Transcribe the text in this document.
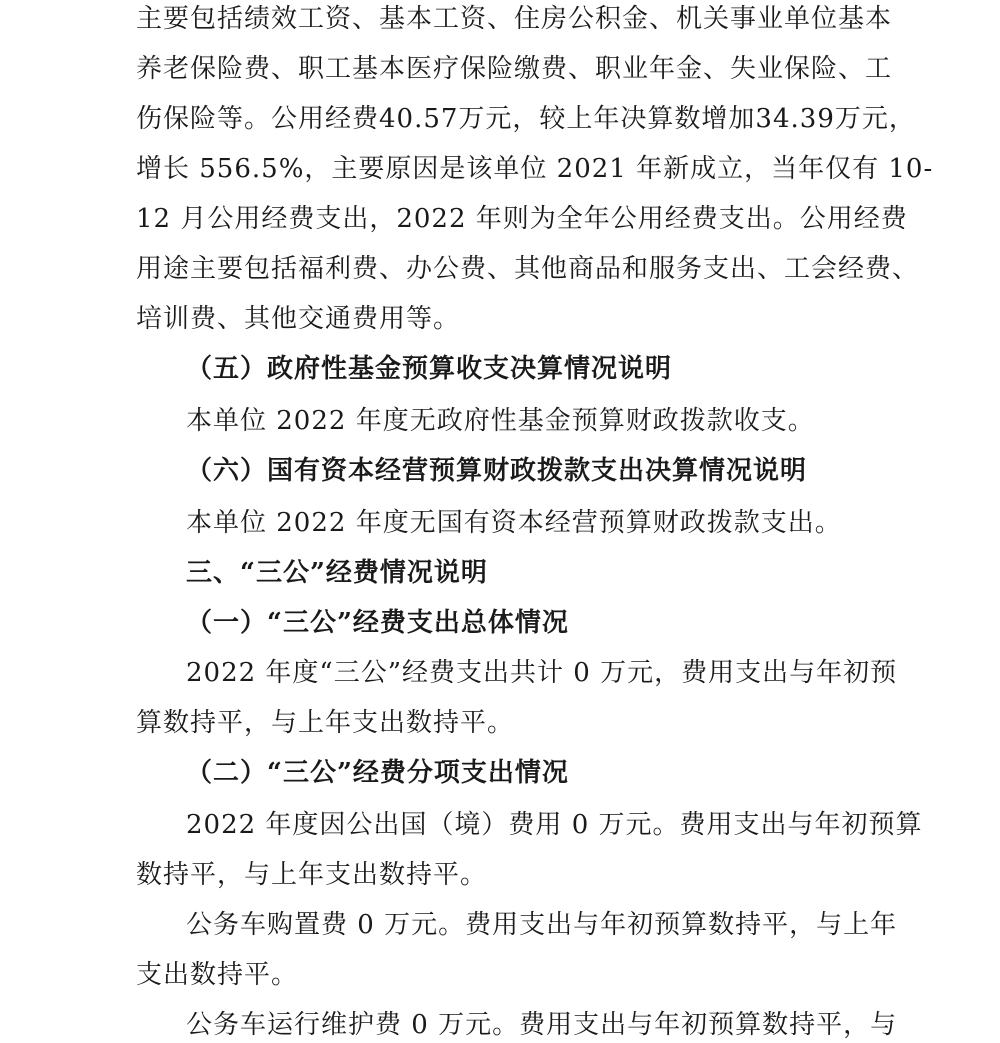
主要包括绩效工资、基本工资、住房公积金、机关事业单位基本
养老保险费、职工基本医疗保险缴费、职业年金、失业保险、工
伤保险等。公用经费40.57万元，较上年决算数增加34.39万元，
增长 556.5%，主要原因是该单位 2021 年新成立，当年仅有 10-
12 月公用经费支出，2022 年则为全年公用经费支出。公用经费
用途主要包括福利费、办公费、其他商品和服务支出、工会经费、
培训费、其他交通费用等。
（五）政府性基金预算收支决算情况说明
本单位 2022 年度无政府性基金预算财政拨款收支。
（六）国有资本经营预算财政拨款支出决算情况说明
本单位 2022 年度无国有资本经营预算财政拨款支出。
三、“三公”经费情况说明
（一）“三公”经费支出总体情况
2022 年度“三公”经费支出共计 0 万元，费用支出与年初预
算数持平，与上年支出数持平。
（二）“三公”经费分项支出情况
2022 年度因公出国（境）费用 0 万元。费用支出与年初预算
数持平，与上年支出数持平。
公务车购置费 0 万元。费用支出与年初预算数持平，与上年
支出数持平。
公务车运行维护费 0 万元。费用支出与年初预算数持平，与
